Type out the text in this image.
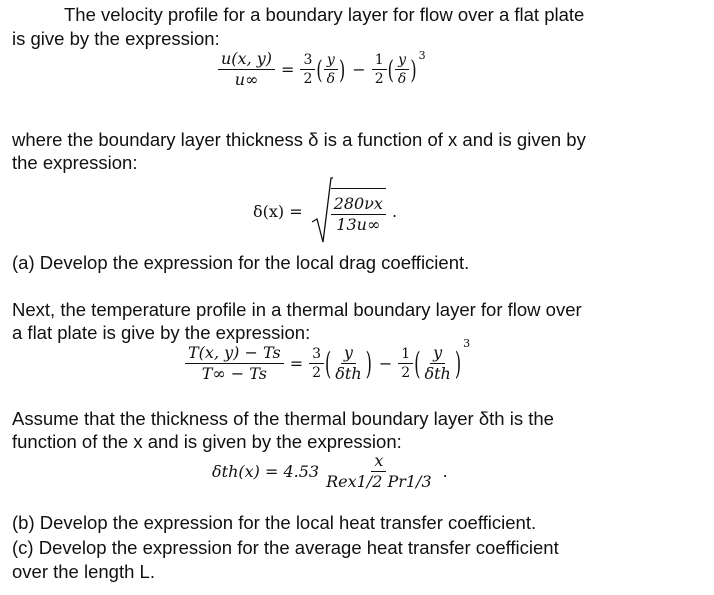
The velocity profile for a boundary layer for flow over a flat plate
is give by the expression:
$\frac{u(x, y)}{u\infty} = \frac{3}{2}$ ( $\frac{y}{\delta}$ ) − $\frac{1}{2}$ ( $\frac{y}{\delta}$ ) 3
where the boundary layer thickness δ is a function of x and is given by
the expression:
$\delta(x) = \frac{280\nu x}{13u\infty}$ .
(a) Develop the expression for the local drag coefficient.
Next, the temperature profile in a thermal boundary layer for flow over
a flat plate is give by the expression:
$\frac{T(x, y) - Ts}{T\infty - Ts} = \frac{3}{2}$ ( $\frac{y}{\text{δth}}$ ) − $\frac{1}{2}$ ( $\frac{y}{\text{δth}}$ )
3
Assume that the thickness of the thermal boundary layer δth is the
function of the x and is given by the expression:
$\delta th(x) = 4.53 \frac{x}{\text{Rex1/2 Pr1/3}}$ .
(b) Develop the expression for the local heat transfer coefficient.
(c) Develop the expression for the average heat transfer coefficient
over the length L.
